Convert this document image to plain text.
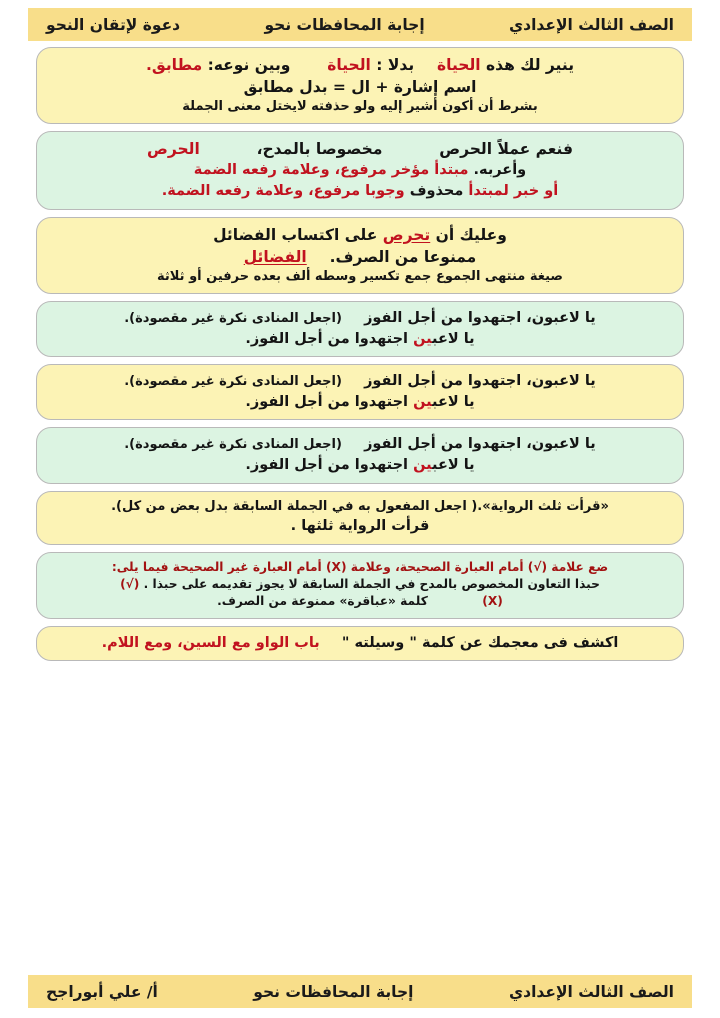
الصف الثالث الإعدادي
إجابة المحافظات نحو
دعوة لإتقان النحو
ينير لك هذه الحياة  بدلا : الحياة  وبين نوعه: مطابق.
اسم إشارة + ال = بدل مطابق
بشرط أن أكون أشير إليه ولو حذفته لايختل معنى الجملة
فنعم عملاً الحرص  مخصوصا بالمدح،  الحرص
وأعربه. مبتدأ مؤخر مرفوع، وعلامة رفعه الضمة
أو خبر لمبتدأ محذوف وجوبا مرفوع، وعلامة رفعه الضمة.
وعليك أن تحرص على اكتساب الفضائل
ممنوعا من الصرف.  الفضائل
صيغة منتهى الجموع جمع تكسير وسطه ألف بعده حرفين أو ثلاثة
يا لاعبون، اجتهدوا من أجل الفوز  (اجعل المنادى نكرة غير مقصودة).
يا لاعبين اجتهدوا من أجل الفوز.
يا لاعبون، اجتهدوا من أجل الفوز  (اجعل المنادى نكرة غير مقصودة).
يا لاعبين اجتهدوا من أجل الفوز.
يا لاعبون، اجتهدوا من أجل الفوز  (اجعل المنادى نكرة غير مقصودة).
يا لاعبين اجتهدوا من أجل الفوز.
«قرأت ثلث الرواية».( اجعل المفعول به في الجملة السابقة بدل بعض من كل).
قرأت الرواية ثلثها .
ضع علامة (√) أمام العبارة الصحيحة، وعلامة (X) أمام العبارة غير الصحيحة فيما يلى:
حبذا التعاون المخصوص بالمدح في الجملة السابقة لا يجوز تقديمه على حبذا . (√)
(X)  كلمة «عباقرة» ممنوعة من الصرف.
اكشف فى معجمك عن كلمة " وسيلته "  باب الواو مع السين، ومع اللام.
الصف الثالث الإعدادي
إجابة المحافظات نحو
أ/ علي أبوراجح
